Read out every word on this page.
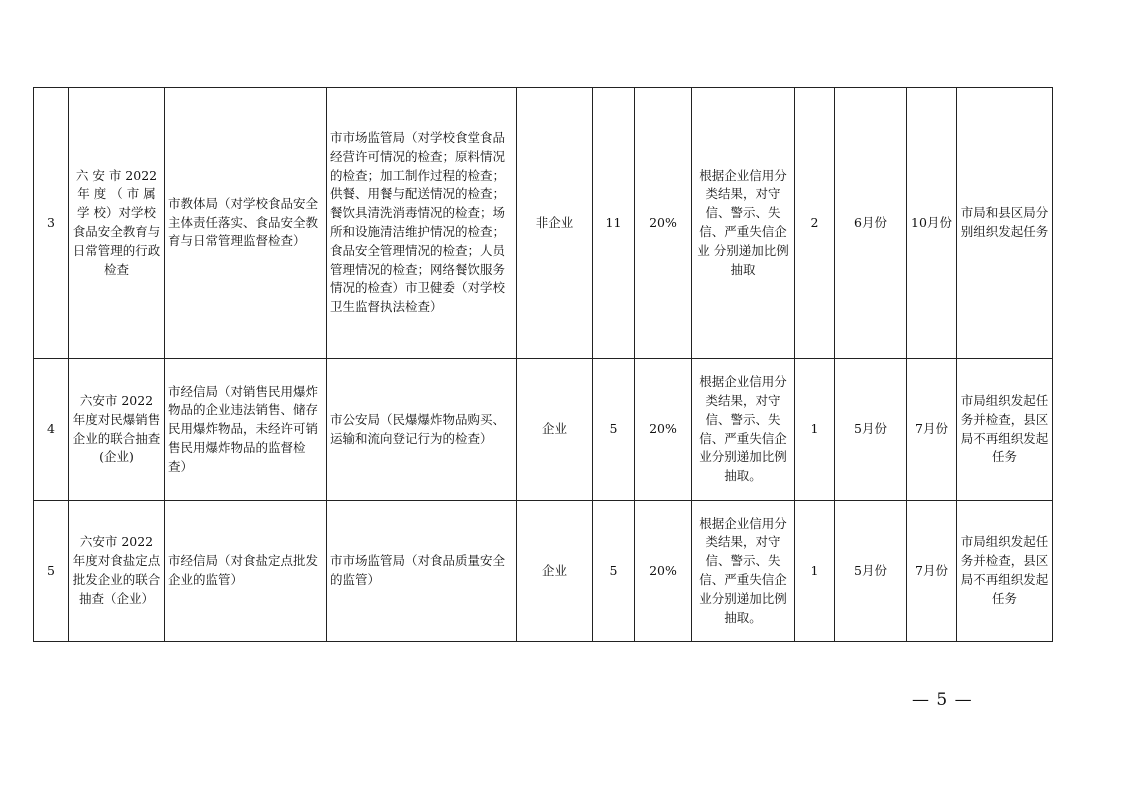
3	六 安 市 2022 年 度 （ 市 属 学 校）对学校食品安全教育与日常管理的行政检查	市教体局（对学校食品安全主体责任落实、食品安全教育与日常管理监督检查）	市市场监管局（对学校食堂食品经营许可情况的检查；原料情况的检查；加工制作过程的检查；供餐、用餐与配送情况的检查；餐饮具清洗消毒情况的检查；场所和设施清洁维护情况的检查；食品安全管理情况的检查；人员管理情况的检查；网络餐饮服务情况的检查）市卫健委（对学校卫生监督执法检查）	非企业	11	20%	根据企业信用分类结果，对守信、警示、失信、严重失信企业 分别递加比例抽取	2	6月份	10月份	市局和县区局分别组织发起任务

4	六安市 2022 年度对民爆销售企业的联合抽查(企业)	市经信局（对销售民用爆炸物品的企业违法销售、储存民用爆炸物品，未经许可销售民用爆炸物品的监督检查）	市公安局（民爆爆炸物品购买、运输和流向登记行为的检查）	企业	5	20%	根据企业信用分类结果，对守信、警示、失信、严重失信企业分别递加比例抽取。	1	5月份	7月份	市局组织发起任务并检查，县区局不再组织发起任务

5	六安市 2022 年度对食盐定点批发企业的联合抽查（企业）	市经信局（对食盐定点批发企业的监管）	市市场监管局（对食品质量安全的监管）	企业	5	20%	根据企业信用分类结果，对守信、警示、失信、严重失信企业分别递加比例抽取。	1	5月份	7月份	市局组织发起任务并检查，县区局不再组织发起任务
— 5 —
